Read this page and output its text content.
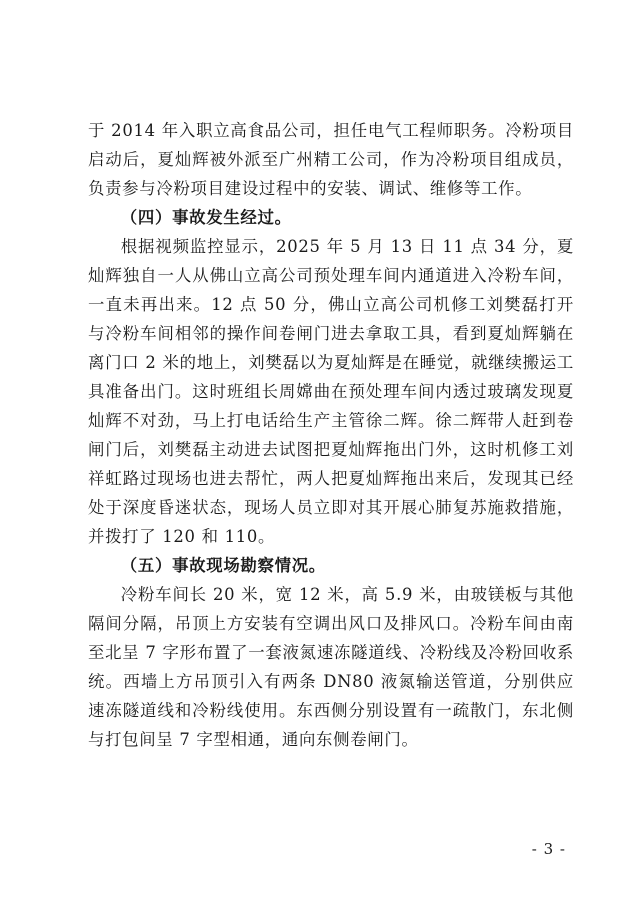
于 2014 年入职立高食品公司，担任电气工程师职务。冷粉项目启动后，夏灿辉被外派至广州精工公司，作为冷粉项目组成员，负责参与冷粉项目建设过程中的安装、调试、维修等工作。

（四）事故发生经过。

根据视频监控显示，2025 年 5 月 13 日 11 点 34 分，夏灿辉独自一人从佛山立高公司预处理车间内通道进入冷粉车间，一直未再出来。12 点 50 分，佛山立高公司机修工刘樊磊打开与冷粉车间相邻的操作间卷闸门进去拿取工具，看到夏灿辉躺在离门口 2 米的地上，刘樊磊以为夏灿辉是在睡觉，就继续搬运工具准备出门。这时班组长周嫦曲在预处理车间内透过玻璃发现夏灿辉不对劲，马上打电话给生产主管徐二辉。徐二辉带人赶到卷闸门后，刘樊磊主动进去试图把夏灿辉拖出门外，这时机修工刘祥虹路过现场也进去帮忙，两人把夏灿辉拖出来后，发现其已经处于深度昏迷状态，现场人员立即对其开展心肺复苏施救措施，并拨打了 120 和 110。

（五）事故现场勘察情况。

冷粉车间长 20 米，宽 12 米，高 5.9 米，由玻镁板与其他隔间分隔，吊顶上方安装有空调出风口及排风口。冷粉车间由南至北呈 7 字形布置了一套液氮速冻隧道线、冷粉线及冷粉回收系统。西墙上方吊顶引入有两条 DN80 液氮输送管道，分别供应速冻隧道线和冷粉线使用。东西侧分别设置有一疏散门，东北侧与打包间呈 7 字型相通，通向东侧卷闸门。

- 3 -
